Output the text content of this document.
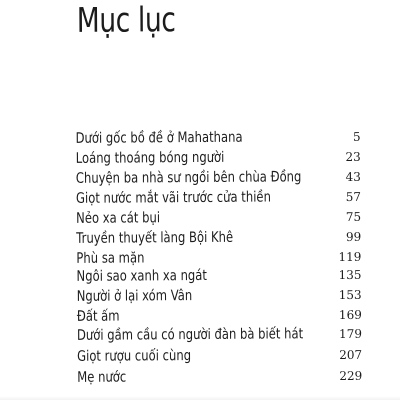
Mục lục
Dưới gốc bồ đề ở Mahathana	5
Loáng thoáng bóng người	23
Chuyện ba nhà sư ngồi bên chùa Đồng	43
Giọt nước mắt vãi trước cửa thiền	57
Nẻo xa cát bụi	75
Truyền thuyết làng Bội Khê	99
Phù sa mặn	119
Ngôi sao xanh xa ngát	135
Người ở lại xóm Vân	153
Đất ấm	169
Dưới gầm cầu có người đàn bà biết hát	179
Giọt rượu cuối cùng	207
Mẹ nước	229
